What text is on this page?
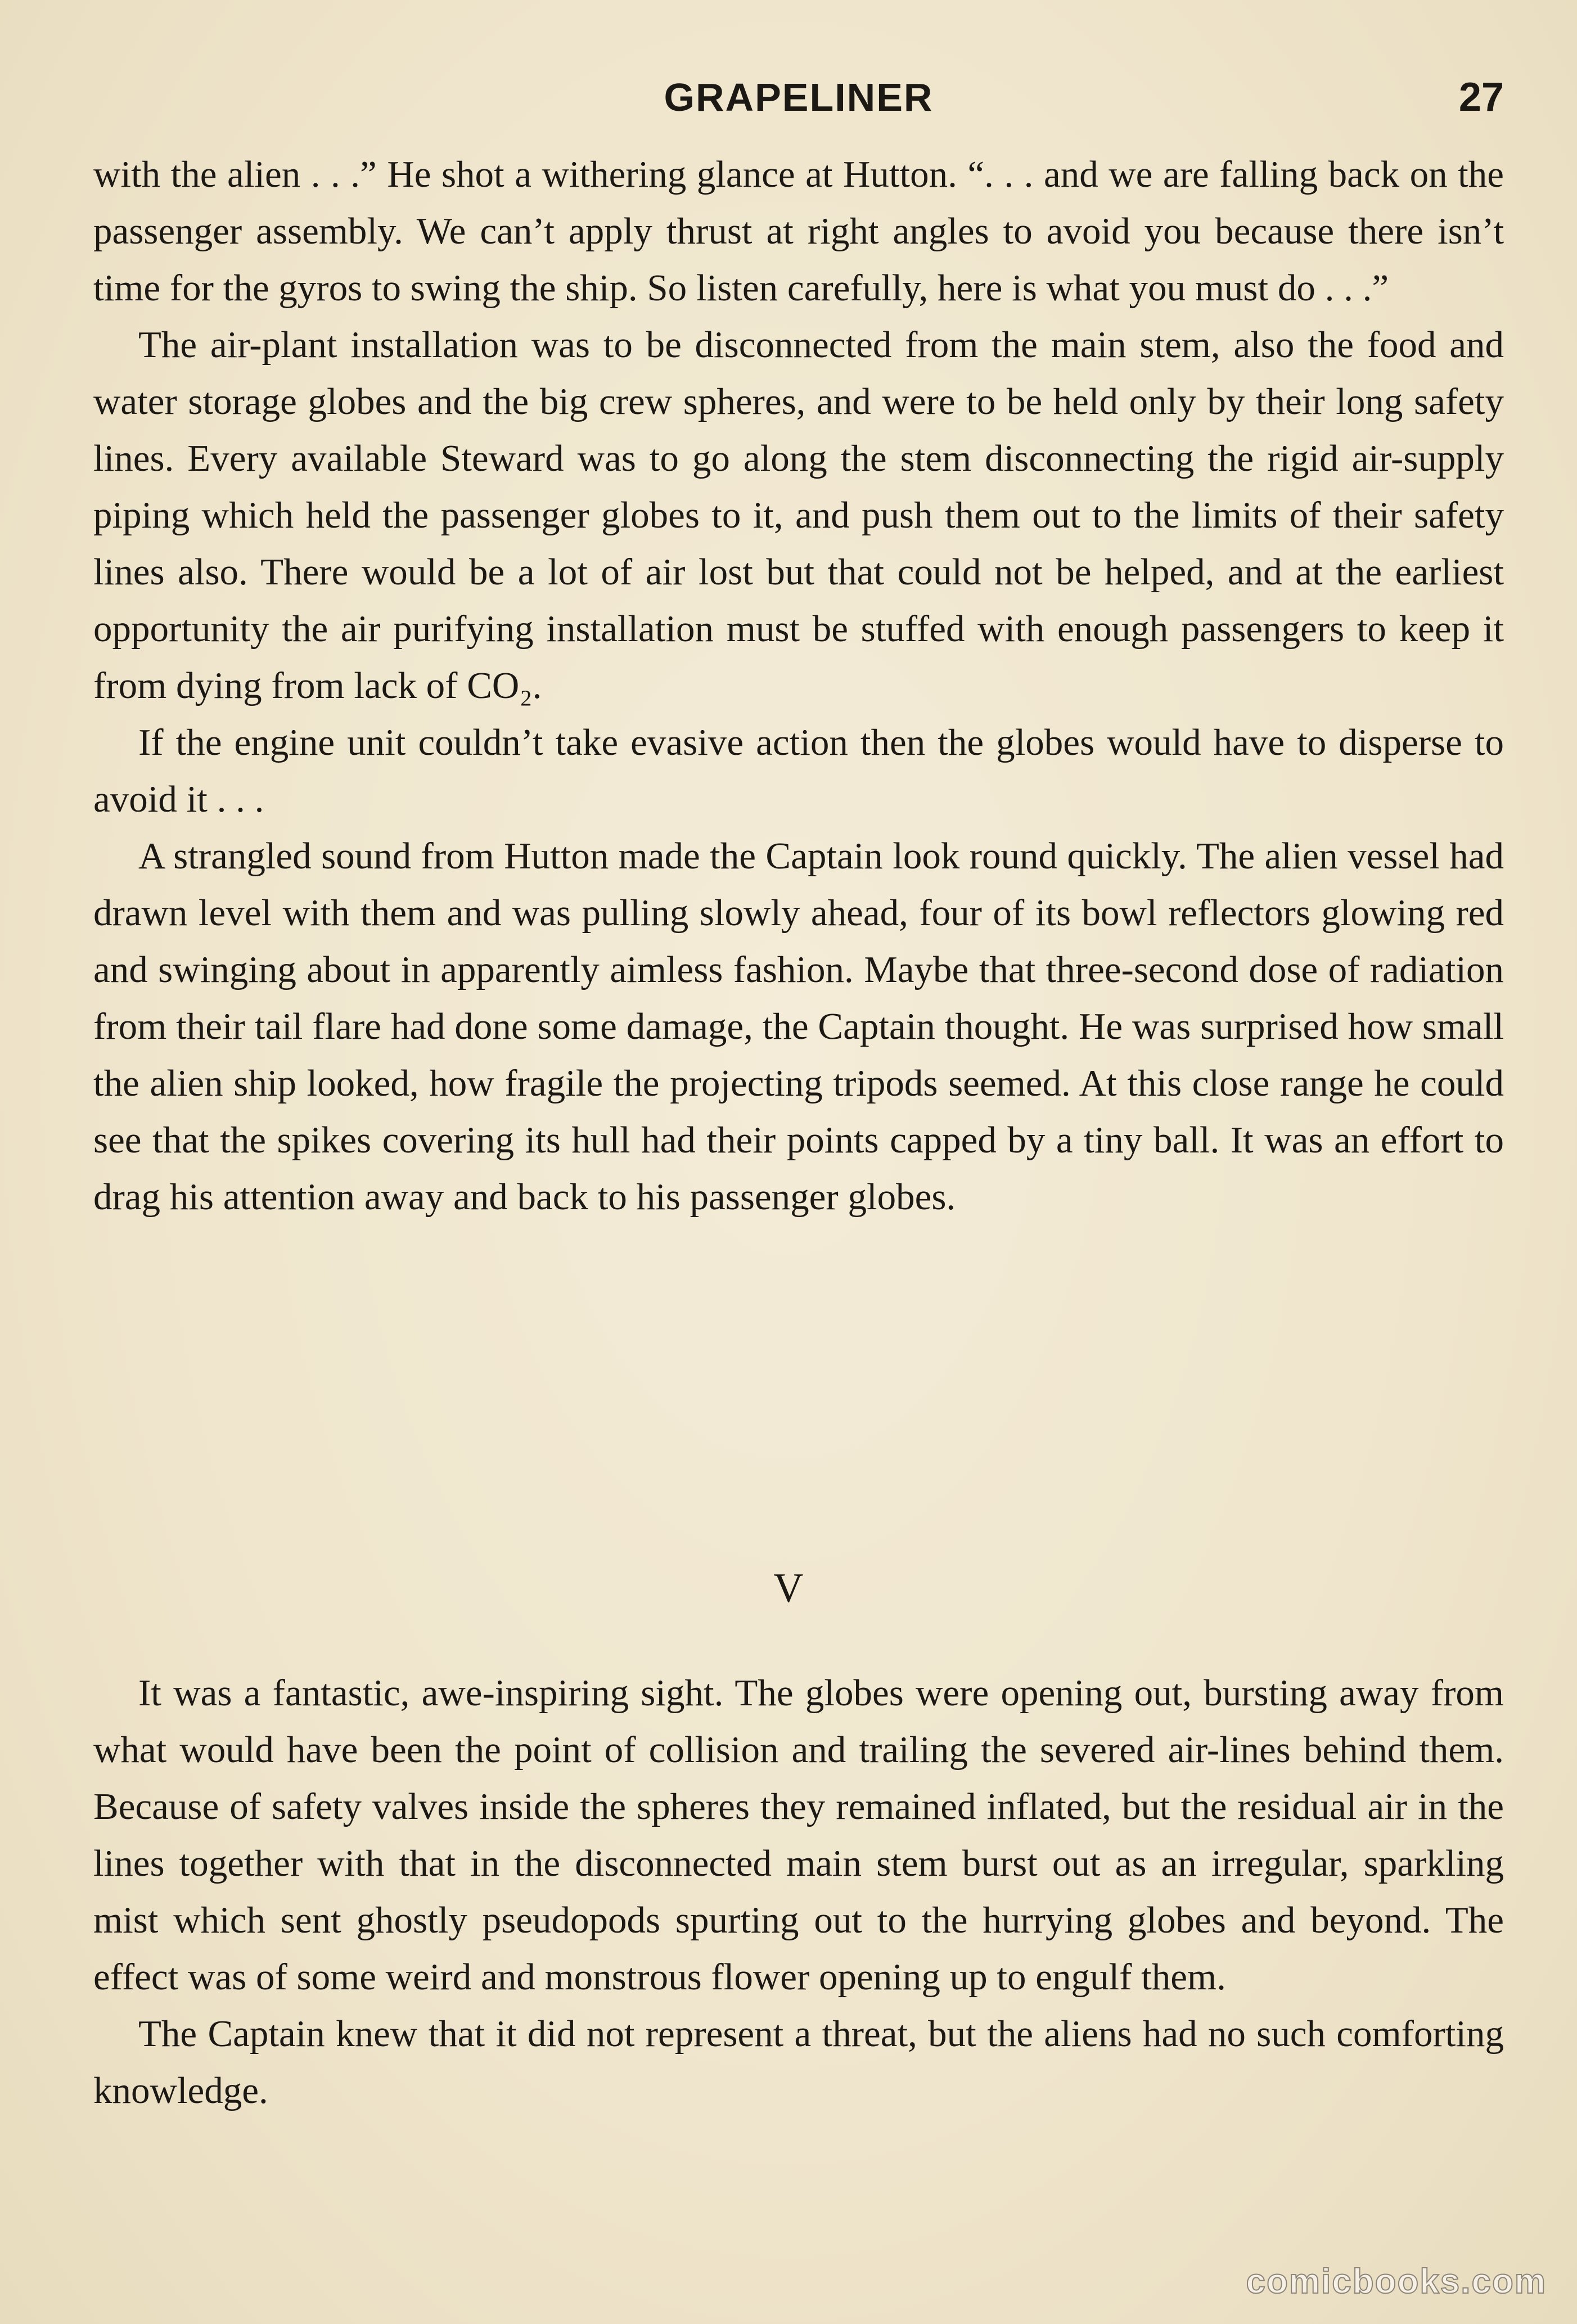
GRAPELINER	27

with the alien . . .” He shot a withering glance at Hutton. “. . . and we are falling back on the passenger assembly. We can’t apply thrust at right angles to avoid you because there isn’t time for the gyros to swing the ship. So listen carefully, here is what you must do . . .”

The air-plant installation was to be disconnected from the main stem, also the food and water storage globes and the big crew spheres, and were to be held only by their long safety lines. Every available Steward was to go along the stem disconnecting the rigid air-supply piping which held the passenger globes to it, and push them out to the limits of their safety lines also. There would be a lot of air lost but that could not be helped, and at the earliest opportunity the air purifying installation must be stuffed with enough passengers to keep it from dying from lack of CO₂.

If the engine unit couldn’t take evasive action then the globes would have to disperse to avoid it . . .

A strangled sound from Hutton made the Captain look round quickly. The alien vessel had drawn level with them and was pulling slowly ahead, four of its bowl reflectors glowing red and swinging about in apparently aimless fashion. Maybe that three-second dose of radiation from their tail flare had done some damage, the Captain thought. He was surprised how small the alien ship looked, how fragile the projecting tripods seemed. At this close range he could see that the spikes covering its hull had their points capped by a tiny ball. It was an effort to drag his attention away and back to his passenger globes.

V

It was a fantastic, awe-inspiring sight. The globes were opening out, bursting away from what would have been the point of collision and trailing the severed air-lines behind them. Because of safety valves inside the spheres they remained inflated, but the residual air in the lines together with that in the disconnected main stem burst out as an irregular, sparkling mist which sent ghostly pseudopods spurting out to the hurrying globes and beyond. The effect was of some weird and monstrous flower opening up to engulf them.

The Captain knew that it did not represent a threat, but the aliens had no such comforting knowledge.

comicbooks.com
